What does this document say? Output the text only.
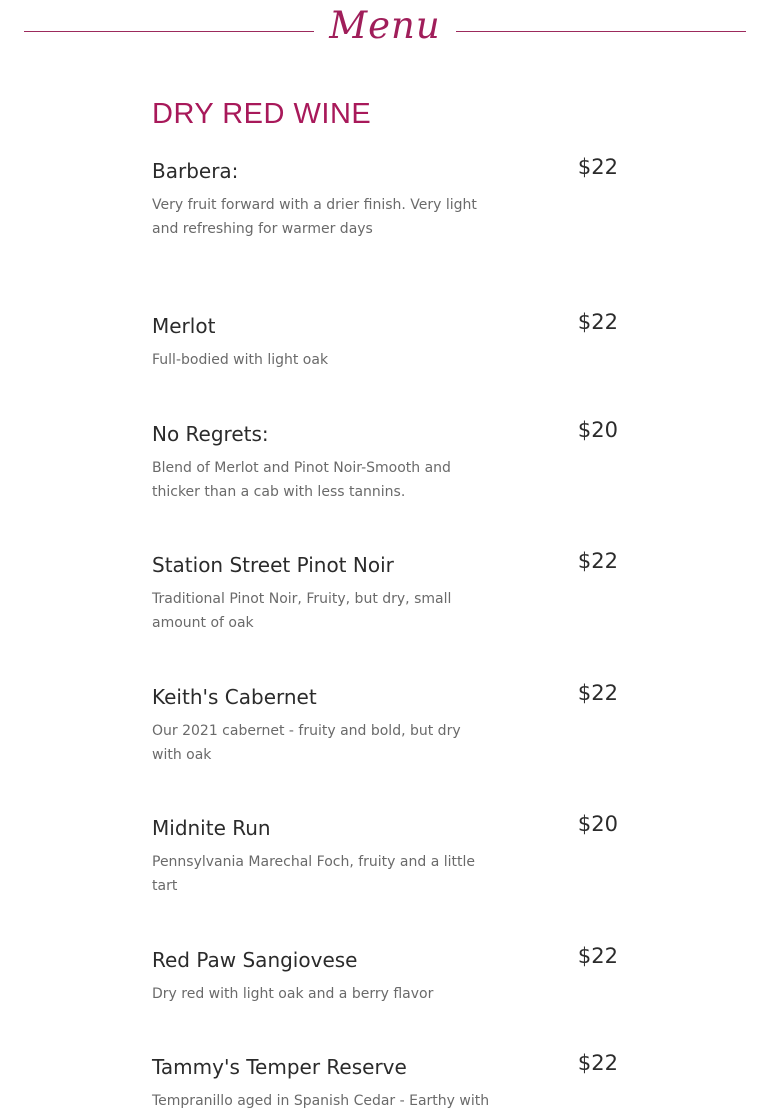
Menu
DRY RED WINE
Barbera:	$22
Very fruit forward with a drier finish. Very light and refreshing for warmer days
Merlot	$22
Full-bodied with light oak
No Regrets:	$20
Blend of Merlot and Pinot Noir-Smooth and thicker than a cab with less tannins.
Station Street Pinot Noir	$22
Traditional Pinot Noir, Fruity, but dry, small amount of oak
Keith's Cabernet	$22
Our 2021 cabernet - fruity and bold, but dry with oak
Midnite Run	$20
Pennsylvania Marechal Foch, fruity and a little tart
Red Paw Sangiovese	$22
Dry red with light oak and a berry flavor
Tammy's Temper Reserve	$22
Tempranillo aged in Spanish Cedar - Earthy with
